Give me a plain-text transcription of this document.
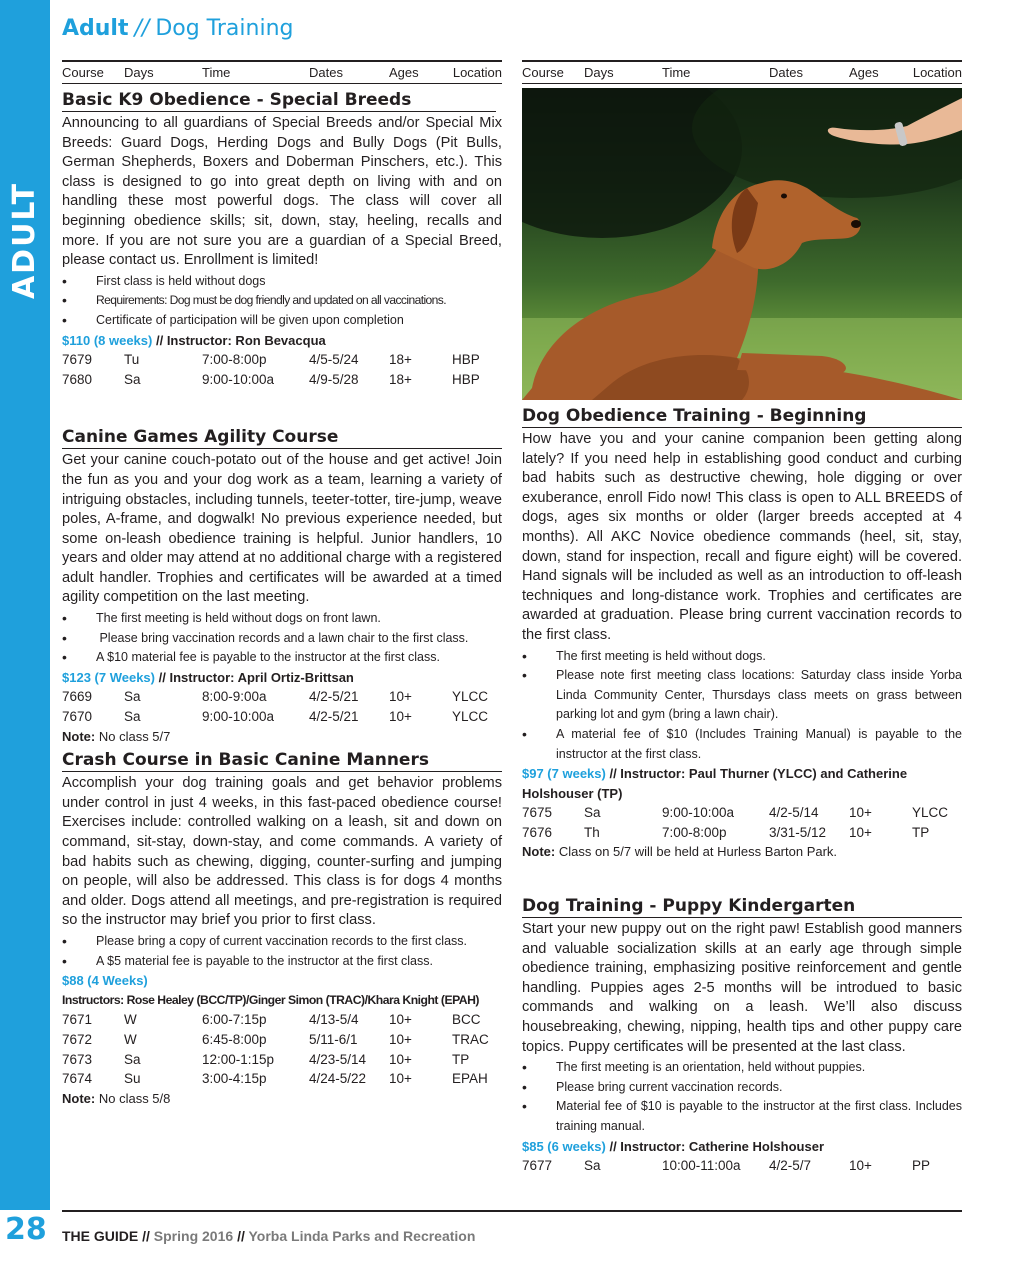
ADULT
Adult // Dog Training
Course	Days	Time	Dates	Ages	Location
Basic K9 Obedience - Special Breeds
Announcing to all guardians of Special Breeds and/or Special Mix Breeds: Guard Dogs, Herding Dogs and Bully Dogs (Pit Bulls, German Shepherds, Boxers and Doberman Pinschers, etc.). This class is designed to go into great depth on living with and on handling these most powerful dogs. The class will cover all beginning obedience skills; sit, down, stay, heeling, recalls and more. If you are not sure you are a guardian of a Special Breed, please contact us. Enrollment is limited!
• First class is held without dogs
• Requirements: Dog must be dog friendly and updated on all vaccinations.
• Certificate of participation will be given upon completion
$110 (8 weeks) // Instructor: Ron Bevacqua
7679	Tu	7:00-8:00p	4/5-5/24	18+	HBP
7680	Sa	9:00-10:00a	4/9-5/28	18+	HBP
Canine Games Agility Course
Get your canine couch-potato out of the house and get active! Join the fun as you and your dog work as a team, learning a variety of intriguing obstacles, including tunnels, teeter-totter, tire-jump, weave poles, A-frame, and dogwalk! No previous experience needed, but some on-leash obedience training is helpful. Junior handlers, 10 years and older may attend at no additional charge with a registered adult handler. Trophies and certificates will be awarded at a timed agility competition on the last meeting.
• The first meeting is held without dogs on front lawn.
•  Please bring vaccination records and a lawn chair to the first class.
• A $10 material fee is payable to the instructor at the first class.
$123 (7 Weeks) // Instructor: April Ortiz-Brittsan
7669	Sa	8:00-9:00a	4/2-5/21	10+	YLCC
7670	Sa	9:00-10:00a	4/2-5/21	10+	YLCC
Note: No class 5/7
Crash Course in Basic Canine Manners
Accomplish your dog training goals and get behavior problems under control in just 4 weeks, in this fast-paced obedience course! Exercises include: controlled walking on a leash, sit and down on command, sit-stay, down-stay, and come commands. A variety of bad habits such as chewing, digging, counter-surfing and jumping on people, will also be addressed. This class is for dogs 4 months and older. Dogs attend all meetings, and pre-registration is required so the instructor may brief you prior to first class.
• Please bring a copy of current vaccination records to the first class.
• A $5 material fee is payable to the instructor at the first class.
$88 (4 Weeks)
Instructors: Rose Healey (BCC/TP)/Ginger Simon (TRAC)/Khara Knight (EPAH)
7671	W	6:00-7:15p	4/13-5/4	10+	BCC
7672	W	6:45-8:00p	5/11-6/1	10+	TRAC
7673	Sa	12:00-1:15p	4/23-5/14	10+	TP
7674	Su	3:00-4:15p	4/24-5/22	10+	EPAH
Note: No class 5/8
Course	Days	Time	Dates	Ages	Location
Dog Obedience Training - Beginning
How have you and your canine companion been getting along lately? If you need help in establishing good conduct and curbing bad habits such as destructive chewing, hole digging or over exuberance, enroll Fido now! This class is open to ALL BREEDS of dogs, ages six months or older (larger breeds accepted at 4 months). All AKC Novice obedience commands (heel, sit, stay, down, stand for inspection, recall and figure eight) will be covered. Hand signals will be included as well as an introduction to off-leash techniques and long-distance work. Trophies and certificates are awarded at graduation. Please bring current vaccination records to the first class.
• The first meeting is held without dogs.
• Please note first meeting class locations: Saturday class inside Yorba Linda Community Center, Thursdays class meets on grass between parking lot and gym (bring a lawn chair).
• A material fee of $10 (Includes Training Manual) is payable to the instructor at the first class.
$97 (7 weeks) // Instructor: Paul Thurner (YLCC) and Catherine Holshouser (TP)
7675	Sa	9:00-10:00a	4/2-5/14	10+	YLCC
7676	Th	7:00-8:00p	3/31-5/12	10+	TP
Note: Class on 5/7 will be held at Hurless Barton Park.
Dog Training - Puppy Kindergarten
Start your new puppy out on the right paw! Establish good manners and valuable socialization skills at an early age through simple obedience training, emphasizing positive reinforcement and gentle handling. Puppies ages 2-5 months will be introdued to basic commands and walking on a leash. We’ll also discuss housebreaking, chewing, nipping, health tips and other puppy care topics. Puppy certificates will be presented at the last class.
• The first meeting is an orientation, held without puppies.
• Please bring current vaccination records.
• Material fee of $10 is payable to the instructor at the first class. Includes training manual.
$85 (6 weeks) // Instructor: Catherine Holshouser
7677	Sa	10:00-11:00a	4/2-5/7	10+	PP
28 THE GUIDE // Spring 2016 // Yorba Linda Parks and Recreation
